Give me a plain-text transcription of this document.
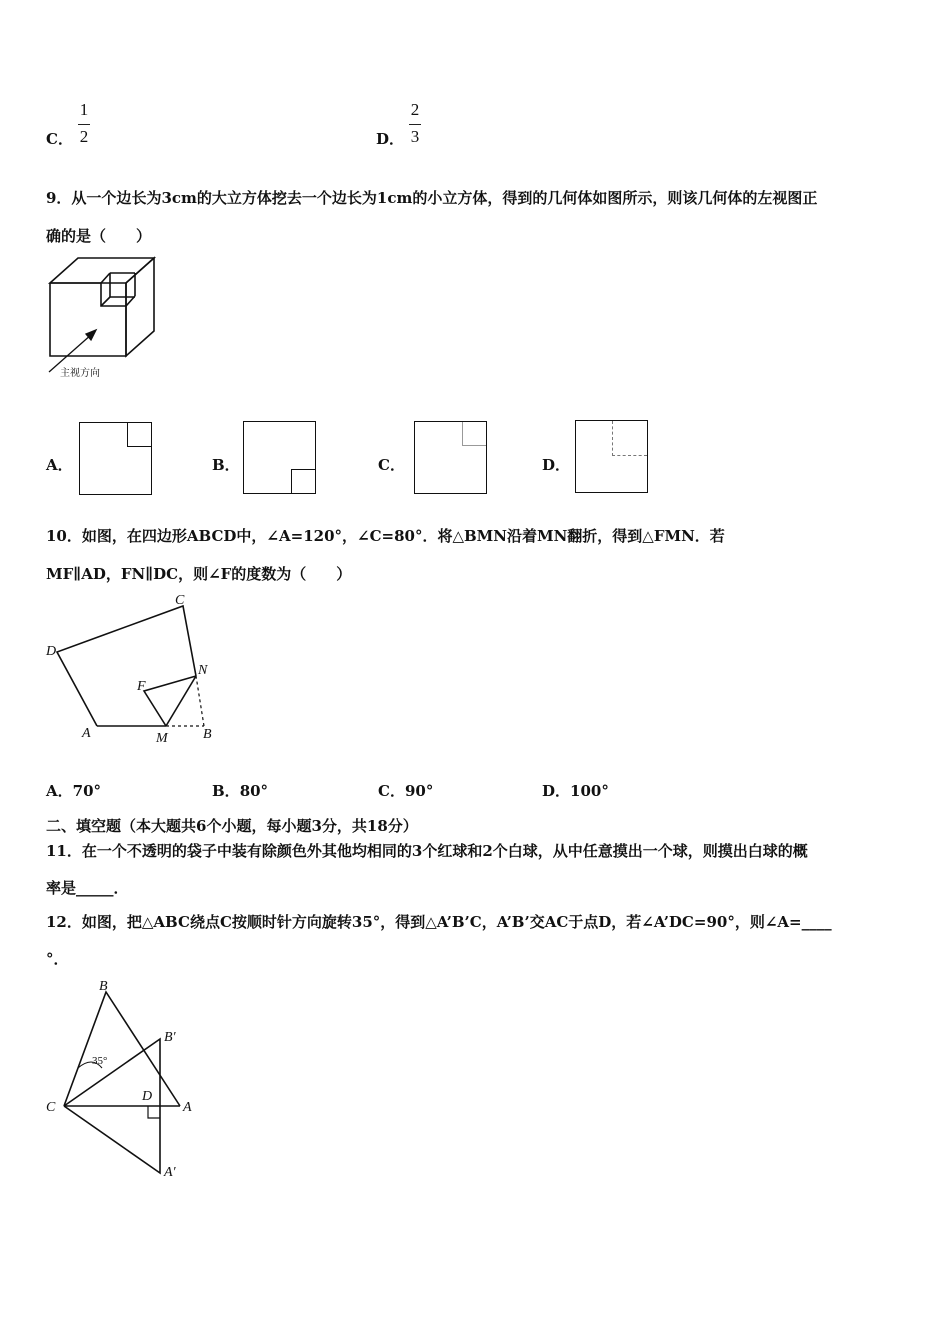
C．
1
2	D．
2
3
9．从一个边长为3cm的大立方体挖去一个边长为1cm的小立方体，得到的几何体如图所示，则该几何体的左视图正
确的是（　　）
主视方向
A．	B．	C．	D．
10．如图，在四边形ABCD中，∠A=120°，∠C=80°．将△BMN沿着MN翻折，得到△FMN．若
MF∥AD，FN∥DC，则∠F的度数为（　　）
D
C
N
F
A	M	B
A．70°	B．80°	C．90°	D．100°
二、填空题（本大题共6个小题，每小题3分，共18分）
11．在一个不透明的袋子中装有除颜色外其他均相同的3个红球和2个白球，从中任意摸出一个球，则摸出白球的概
率是_____．
12．如图，把△ABC绕点C按顺时针方向旋转35°，得到△A’B’C，A’B’交AC于点D，若∠A’DC=90°，则∠A=____
°．
B
B′
D
A
C
A′
35°
